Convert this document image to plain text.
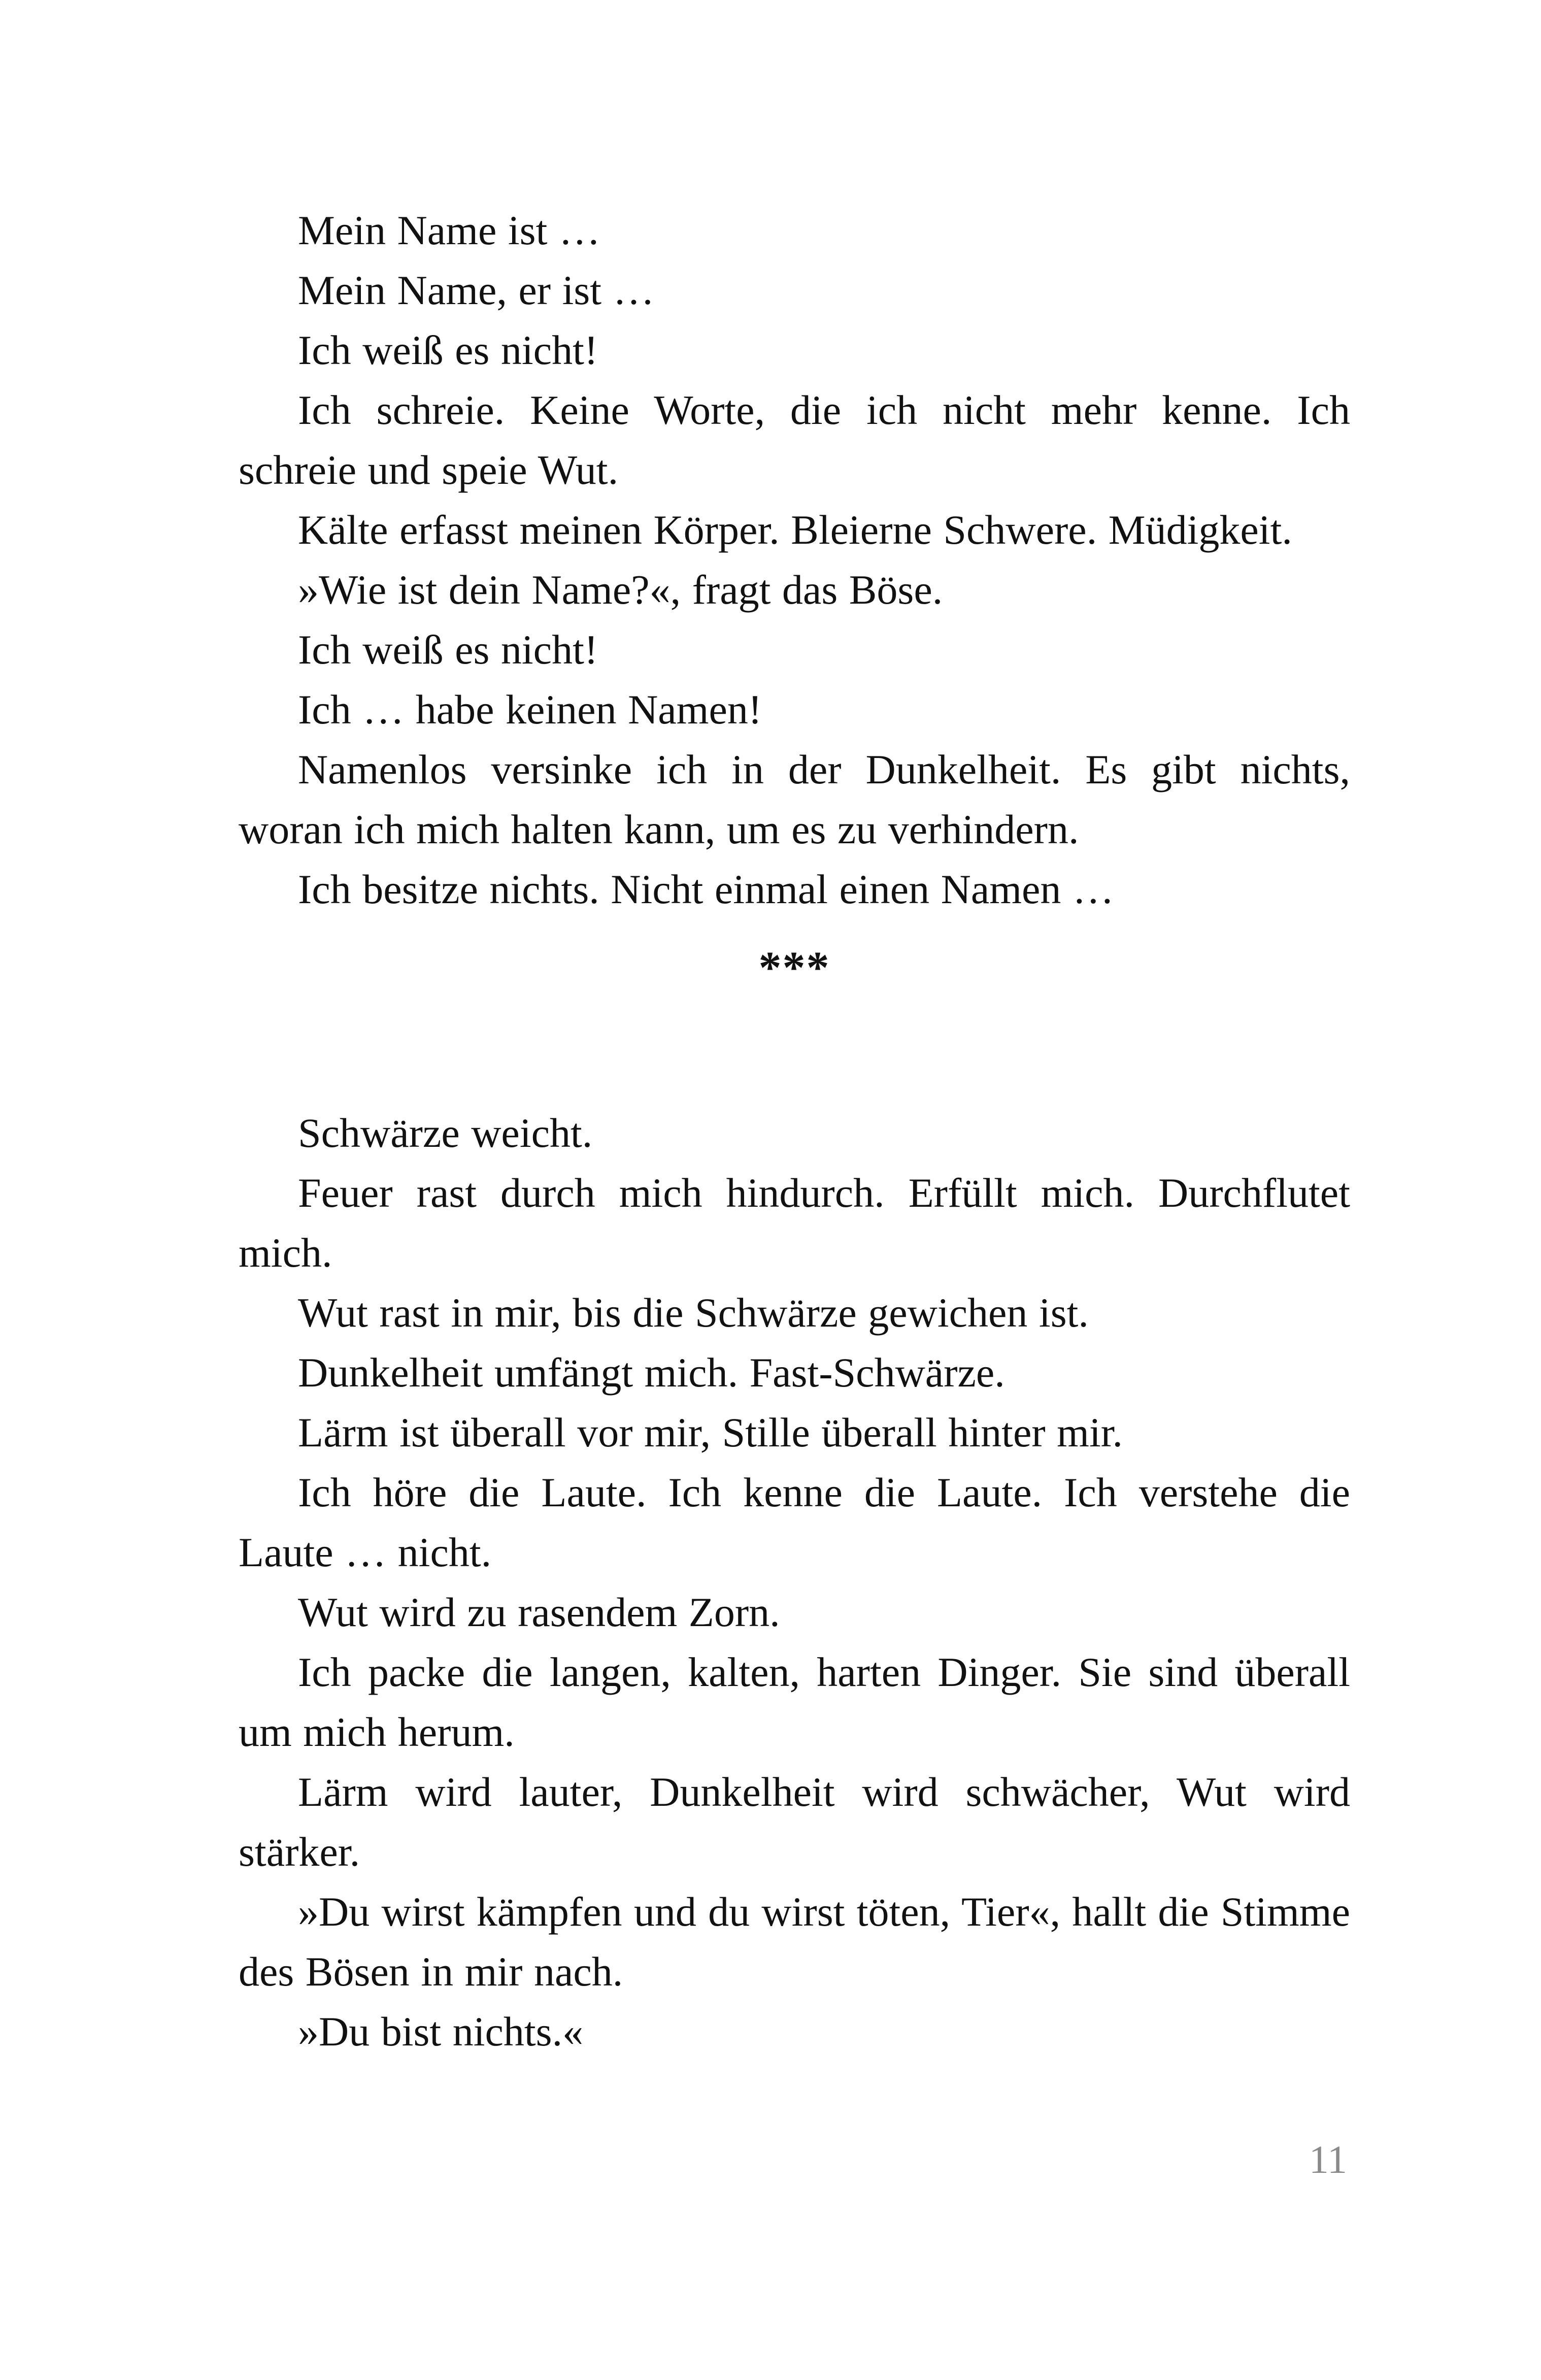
Mein Name ist …

Mein Name, er ist …

Ich weiß es nicht!

Ich schreie. Keine Worte, die ich nicht mehr kenne. Ich schreie und speie Wut.

Kälte erfasst meinen Körper. Bleierne Schwere. Müdigkeit.

»Wie ist dein Name?«, fragt das Böse.

Ich weiß es nicht!

Ich … habe keinen Namen!

Namenlos versinke ich in der Dunkelheit. Es gibt nichts, woran ich mich halten kann, um es zu verhindern.

Ich besitze nichts. Nicht einmal einen Namen …

***

Schwärze weicht.

Feuer rast durch mich hindurch. Erfüllt mich. Durchflutet mich.

Wut rast in mir, bis die Schwärze gewichen ist.

Dunkelheit umfängt mich. Fast-Schwärze.

Lärm ist überall vor mir, Stille überall hinter mir.

Ich höre die Laute. Ich kenne die Laute. Ich verstehe die Laute … nicht.

Wut wird zu rasendem Zorn.

Ich packe die langen, kalten, harten Dinger. Sie sind überall um mich herum.

Lärm wird lauter, Dunkelheit wird schwächer, Wut wird stärker.

»Du wirst kämpfen und du wirst töten, Tier«, hallt die Stimme des Bösen in mir nach.

»Du bist nichts.«

11
